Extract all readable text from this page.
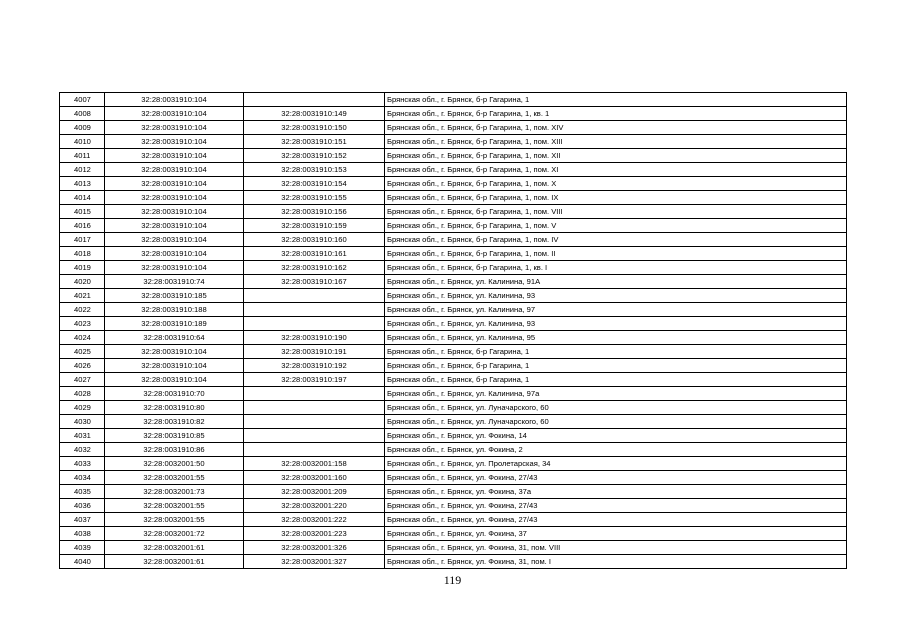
4007	32:28:0031910:104		Брянская обл., г. Брянск, б-р Гагарина, 1
4008	32:28:0031910:104	32:28:0031910:149	Брянская обл., г. Брянск, б-р Гагарина, 1, кв. 1
4009	32:28:0031910:104	32:28:0031910:150	Брянская обл., г. Брянск, б-р Гагарина, 1, пом. XIV
4010	32:28:0031910:104	32:28:0031910:151	Брянская обл., г. Брянск, б-р Гагарина, 1, пом. XIII
4011	32:28:0031910:104	32:28:0031910:152	Брянская обл., г. Брянск, б-р Гагарина, 1, пом. XII
4012	32:28:0031910:104	32:28:0031910:153	Брянская обл., г. Брянск, б-р Гагарина, 1, пом. XI
4013	32:28:0031910:104	32:28:0031910:154	Брянская обл., г. Брянск, б-р Гагарина, 1, пом. X
4014	32:28:0031910:104	32:28:0031910:155	Брянская обл., г. Брянск, б-р Гагарина, 1, пом. IX
4015	32:28:0031910:104	32:28:0031910:156	Брянская обл., г. Брянск, б-р Гагарина, 1, пом. VIII
4016	32:28:0031910:104	32:28:0031910:159	Брянская обл., г. Брянск, б-р Гагарина, 1, пом. V
4017	32:28:0031910:104	32:28:0031910:160	Брянская обл., г. Брянск, б-р Гагарина, 1, пом. IV
4018	32:28:0031910:104	32:28:0031910:161	Брянская обл., г. Брянск, б-р Гагарина, 1, пом. II
4019	32:28:0031910:104	32:28:0031910:162	Брянская обл., г. Брянск, б-р Гагарина, 1, кв. I
4020	32:28:0031910:74	32:28:0031910:167	Брянская обл., г. Брянск, ул. Калинина, 91А
4021	32:28:0031910:185		Брянская обл., г. Брянск, ул. Калинина, 93
4022	32:28:0031910:188		Брянская обл., г. Брянск, ул. Калинина, 97
4023	32:28:0031910:189		Брянская обл., г. Брянск, ул. Калинина, 93
4024	32:28:0031910:64	32:28:0031910:190	Брянская обл., г. Брянск, ул. Калинина, 95
4025	32:28:0031910:104	32:28:0031910:191	Брянская обл., г. Брянск, б-р Гагарина, 1
4026	32:28:0031910:104	32:28:0031910:192	Брянская обл., г. Брянск, б-р Гагарина, 1
4027	32:28:0031910:104	32:28:0031910:197	Брянская обл., г. Брянск, б-р Гагарина, 1
4028	32:28:0031910:70		Брянская обл., г. Брянск, ул. Калинина, 97а
4029	32:28:0031910:80		Брянская обл., г. Брянск, ул. Луначарского, 60
4030	32:28:0031910:82		Брянская обл., г. Брянск, ул. Луначарского, 60
4031	32:28:0031910:85		Брянская обл., г. Брянск, ул. Фокина, 14
4032	32:28:0031910:86		Брянская обл., г. Брянск, ул. Фокина, 2
4033	32:28:0032001:50	32:28:0032001:158	Брянская обл., г. Брянск, ул. Пролетарская, 34
4034	32:28:0032001:55	32:28:0032001:160	Брянская обл., г. Брянск, ул. Фокина, 27/43
4035	32:28:0032001:73	32:28:0032001:209	Брянская обл., г. Брянск, ул. Фокина, 37а
4036	32:28:0032001:55	32:28:0032001:220	Брянская обл., г. Брянск, ул. Фокина, 27/43
4037	32:28:0032001:55	32:28:0032001:222	Брянская обл., г. Брянск, ул. Фокина, 27/43
4038	32:28:0032001:72	32:28:0032001:223	Брянская обл., г. Брянск, ул. Фокина, 37
4039	32:28:0032001:61	32:28:0032001:326	Брянская обл., г. Брянск, ул. Фокина, 31, пом. VIII
4040	32:28:0032001:61	32:28:0032001:327	Брянская обл., г. Брянск, ул. Фокина, 31, пом. I
119
